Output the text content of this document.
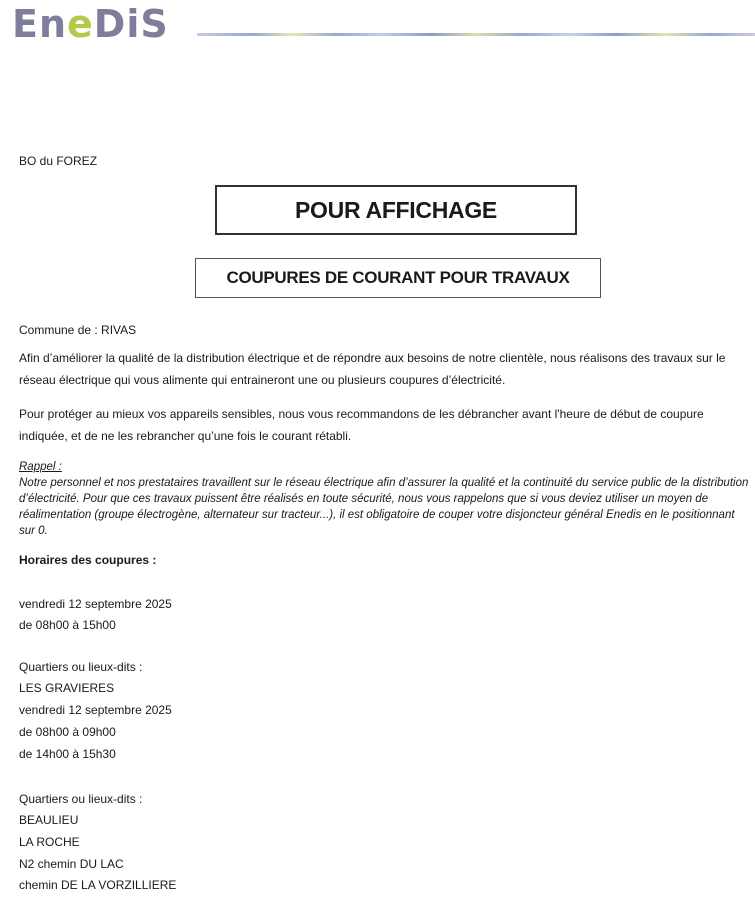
EneDiS
BO du FOREZ
POUR AFFICHAGE
COUPURES DE COURANT POUR TRAVAUX
Commune de : RIVAS

Afin d’améliorer la qualité de la distribution électrique et de répondre aux besoins de notre clientèle, nous réalisons des travaux sur le réseau électrique qui vous alimente qui entraineront une ou plusieurs coupures d’électricité.

Pour protéger au mieux vos appareils sensibles, nous vous recommandons de les débrancher avant l'heure de début de coupure indiquée, et de ne les rebrancher qu’une fois le courant rétabli.

Rappel :
Notre personnel et nos prestataires travaillent sur le réseau électrique afin d’assurer la qualité et la continuité du service public de la distribution d’électricité. Pour que ces travaux puissent être réalisés en toute sécurité, nous vous rappelons que si vous deviez utiliser un moyen de réalimentation (groupe électrogène, alternateur sur tracteur...), il est obligatoire de couper votre disjoncteur général Enedis en le positionnant sur 0.
Horaires des coupures :
vendredi 12 septembre 2025
de 08h00 à 15h00
Quartiers ou lieux-dits :
LES GRAVIERES
vendredi 12 septembre 2025
de 08h00 à 09h00
de 14h00 à 15h30
Quartiers ou lieux-dits :
BEAULIEU
LA ROCHE
N2 chemin DU LAC
chemin DE LA VORZILLIERE
